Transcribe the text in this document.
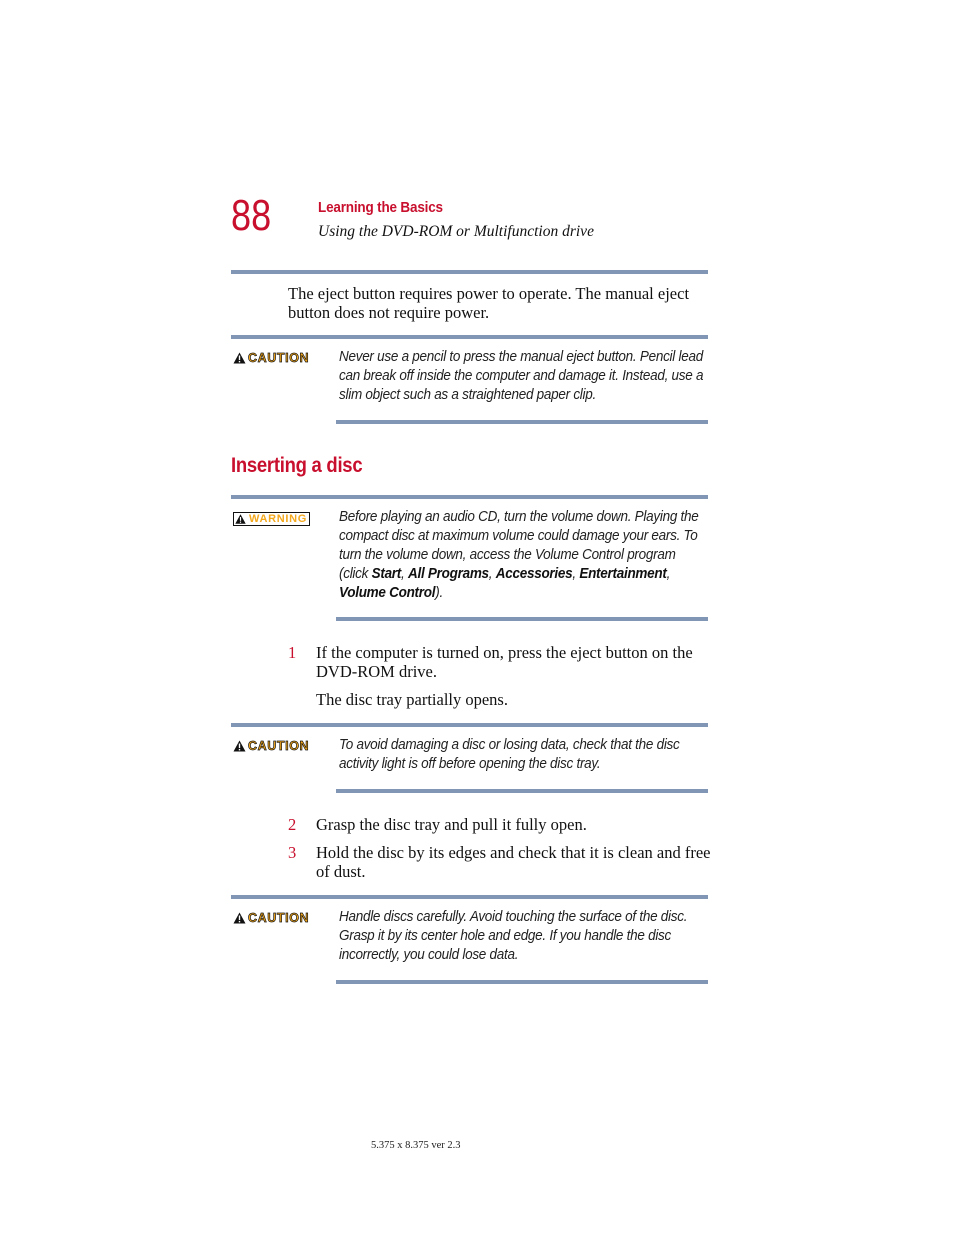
88	Learning the Basics
Using the DVD-ROM or Multifunction drive
The eject button requires power to operate. The manual eject button does not require power.
CAUTION Never use a pencil to press the manual eject button. Pencil lead can break off inside the computer and damage it. Instead, use a slim object such as a straightened paper clip.
Inserting a disc
WARNING Before playing an audio CD, turn the volume down. Playing the compact disc at maximum volume could damage your ears. To turn the volume down, access the Volume Control program (click Start, All Programs, Accessories, Entertainment, Volume Control).
1 If the computer is turned on, press the eject button on the DVD-ROM drive.
The disc tray partially opens.
CAUTION To avoid damaging a disc or losing data, check that the disc activity light is off before opening the disc tray.
2 Grasp the disc tray and pull it fully open.
3 Hold the disc by its edges and check that it is clean and free of dust.
CAUTION Handle discs carefully. Avoid touching the surface of the disc. Grasp it by its center hole and edge. If you handle the disc incorrectly, you could lose data.
5.375 x 8.375 ver 2.3
